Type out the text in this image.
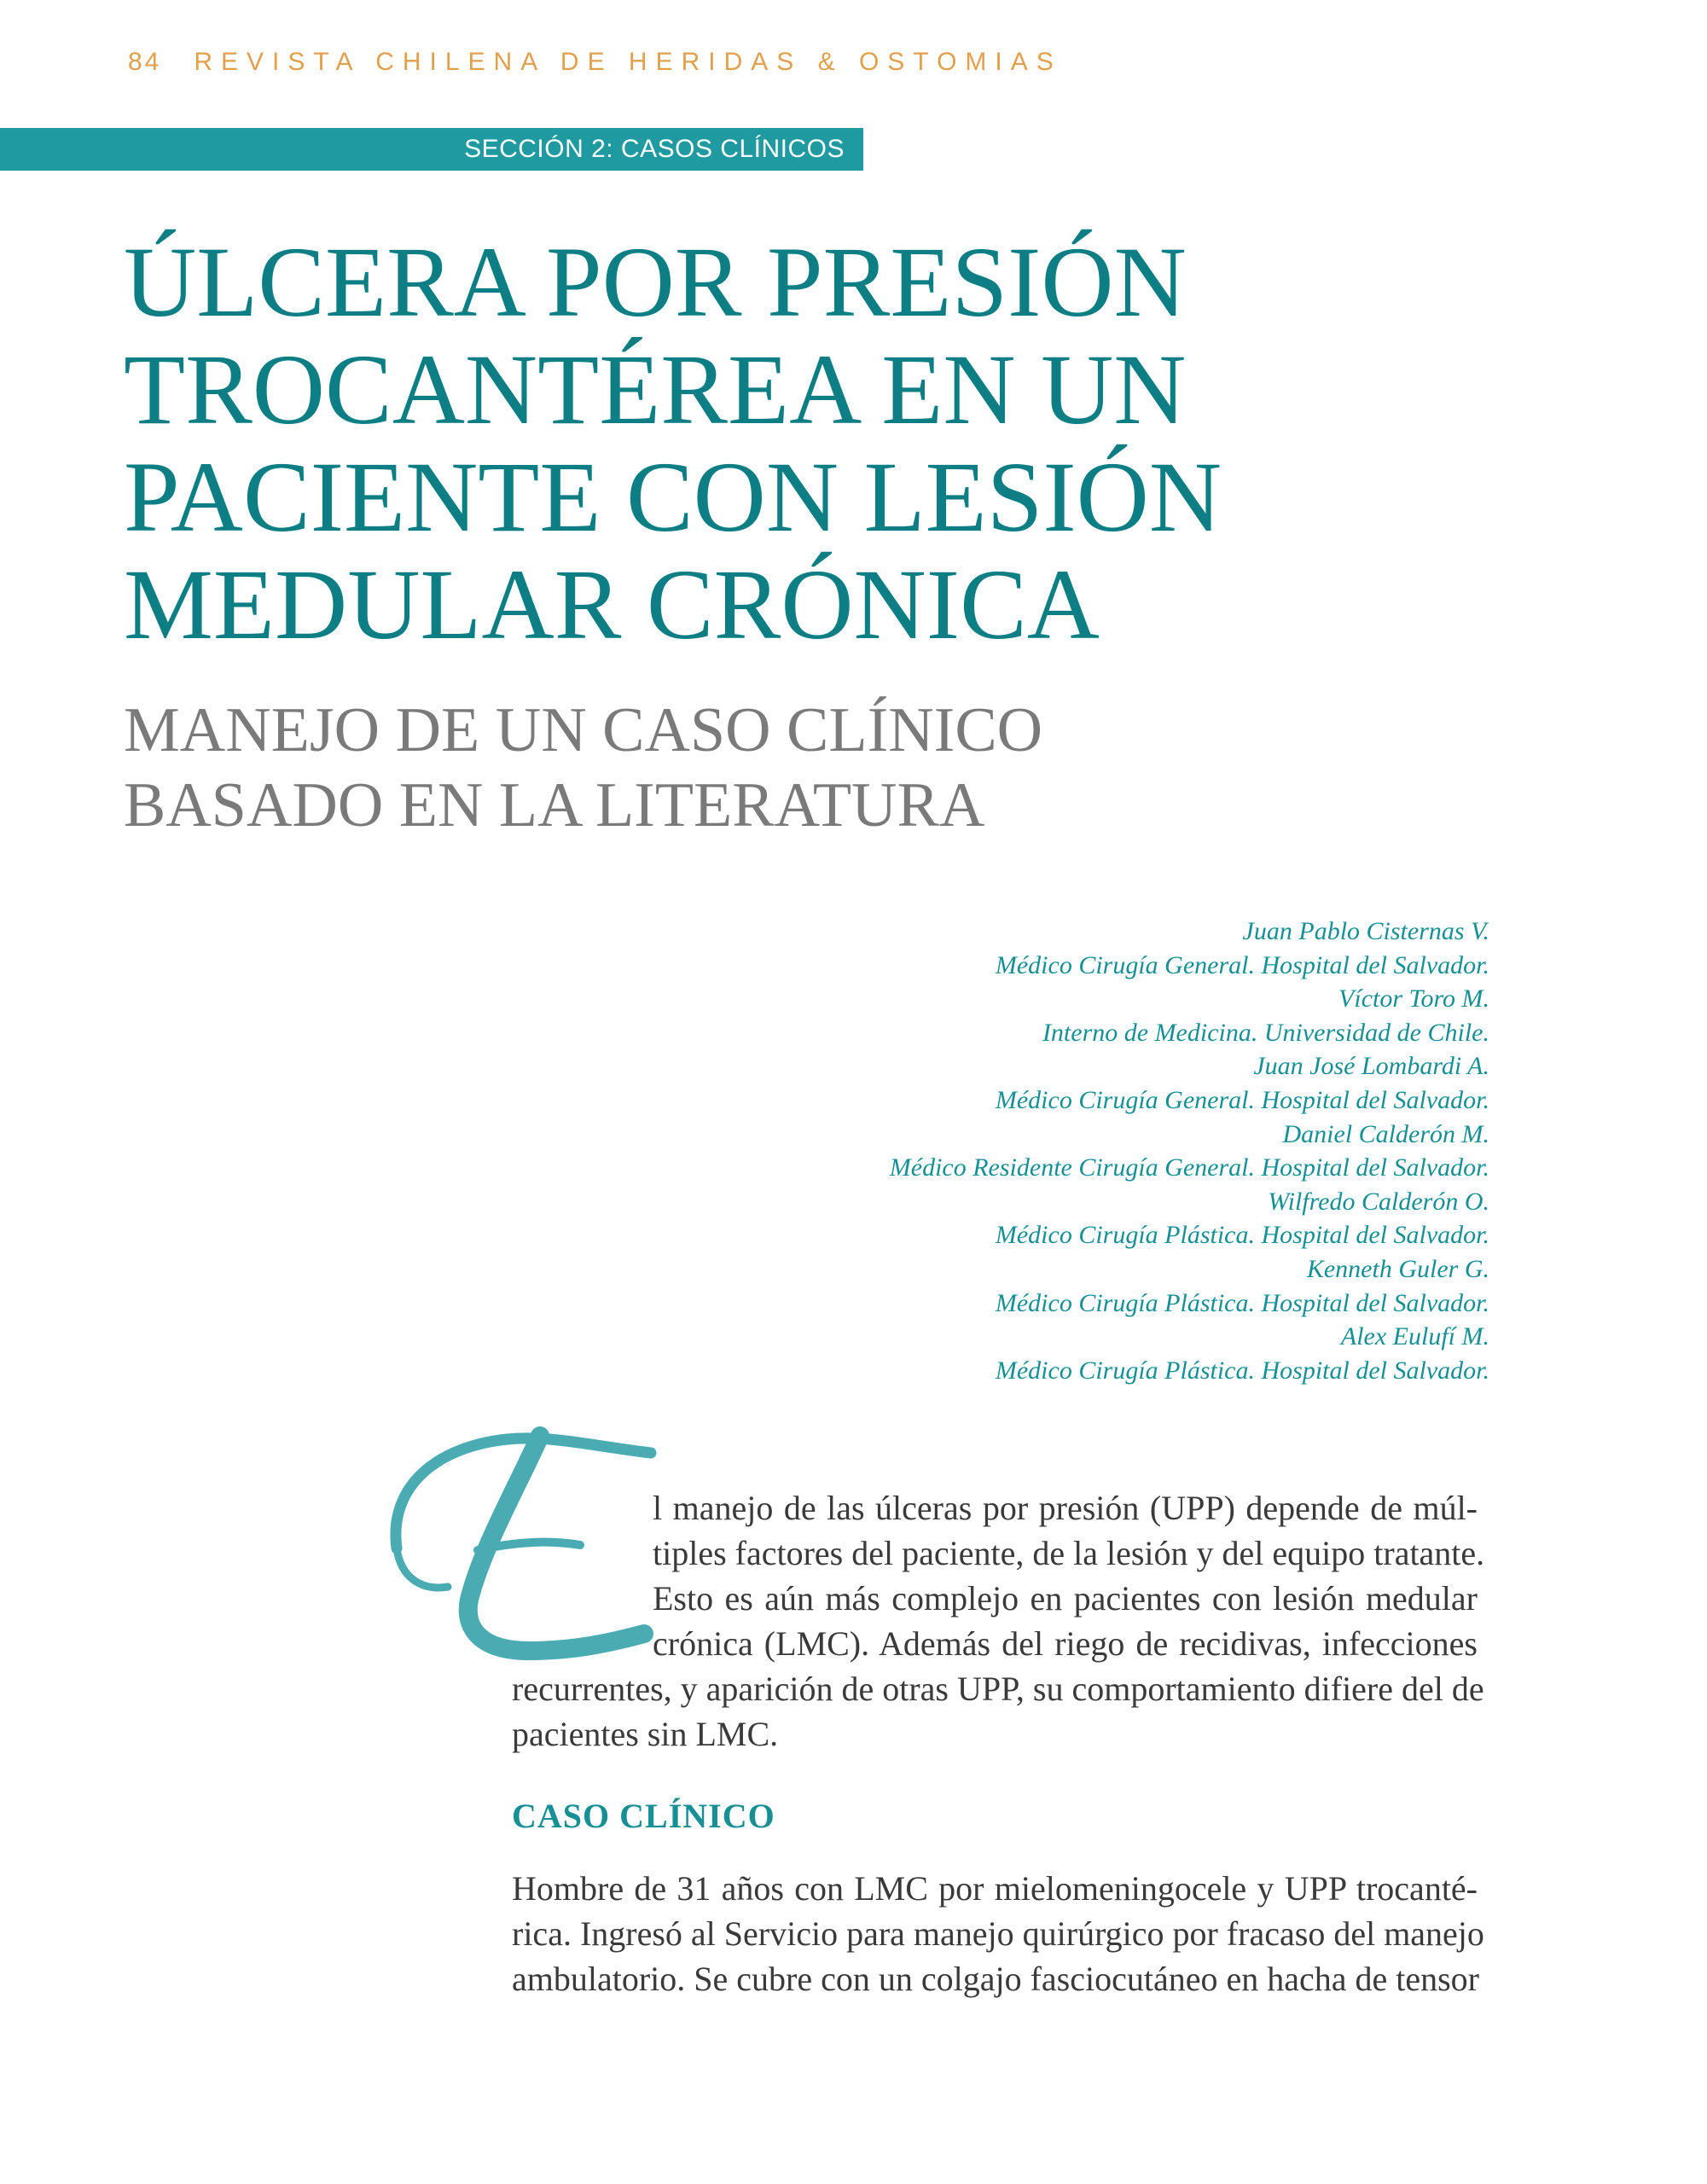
84 REVISTA CHILENA DE HERIDAS & OSTOMIAS
SECCIÓN 2: CASOS CLÍNICOS
ÚLCERA POR PRESIÓN
TROCANTÉREA EN UN
PACIENTE CON LESIÓN
MEDULAR CRÓNICA
MANEJO DE UN CASO CLÍNICO
BASADO EN LA LITERATURA
Juan Pablo Cisternas V.
Médico Cirugía General. Hospital del Salvador.
Víctor Toro M.
Interno de Medicina. Universidad de Chile.
Juan José Lombardi A.
Médico Cirugía General. Hospital del Salvador.
Daniel Calderón M.
Médico Residente Cirugía General. Hospital del Salvador.
Wilfredo Calderón O.
Médico Cirugía Plástica. Hospital del Salvador.
Kenneth Guler G.
Médico Cirugía Plástica. Hospital del Salvador.
Alex Eulufí M.
Médico Cirugía Plástica. Hospital del Salvador.
l manejo de las úlceras por presión (UPP) depende de múl-
tiples factores del paciente, de la lesión y del equipo tratante.
Esto es aún más complejo en pacientes con lesión medular
crónica (LMC). Además del riego de recidivas, infecciones
recurrentes, y aparición de otras UPP, su comportamiento difiere del de
pacientes sin LMC.
CASO CLÍNICO
Hombre de 31 años con LMC por mielomeningocele y UPP trocanté-
rica. Ingresó al Servicio para manejo quirúrgico por fracaso del manejo
ambulatorio. Se cubre con un colgajo fasciocutáneo en hacha de tensor
